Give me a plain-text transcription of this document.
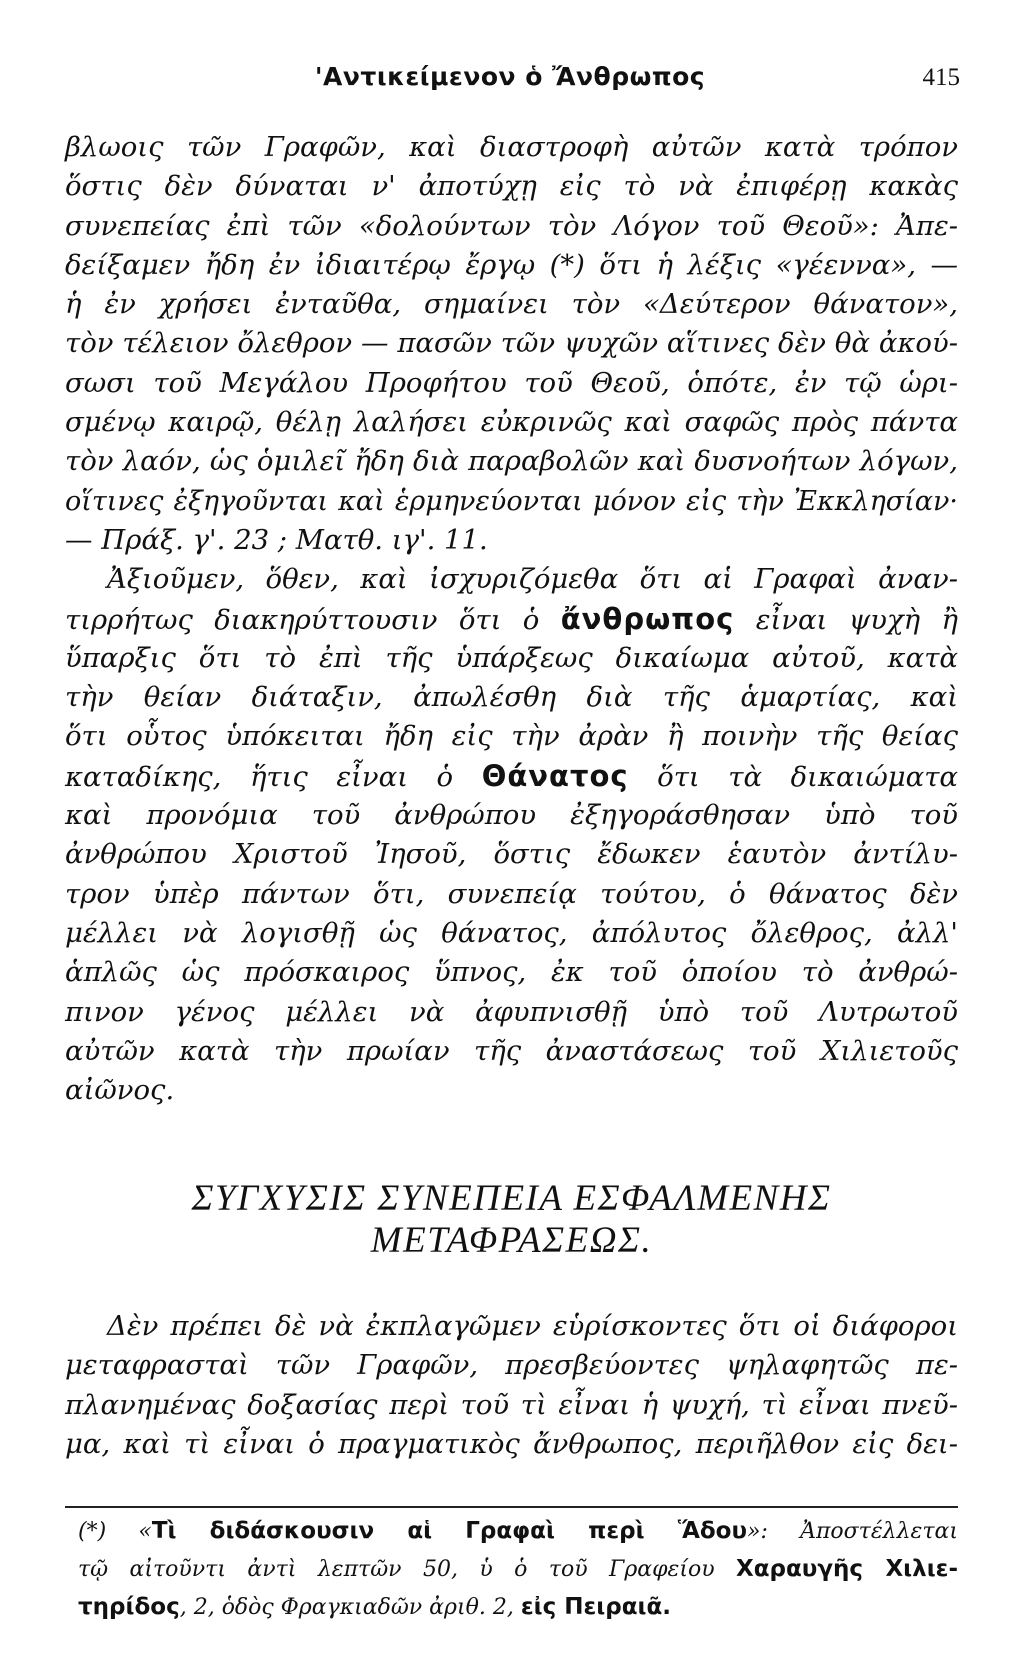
'Αντικείμενον ὁ Ἄνθρωπος	415
βλωοις τῶν Γραφῶν, καὶ διαστροφὴ αὐτῶν κατὰ τρόπον
ὅστις δὲν δύναται ν' ἀποτύχῃ εἰς τὸ νὰ ἐπιφέρῃ κακὰς
συνεπείας ἐπὶ τῶν «δολούντων τὸν Λόγον τοῦ Θεοῦ»: Ἀπε-
δείξαμεν ἤδη ἐν ἰδιαιτέρῳ ἔργῳ (*) ὅτι ἡ λέξις «γέεννα», —
ἡ ἐν χρήσει ἐνταῦθα, σημαίνει τὸν «Δεύτερον θάνατον»,
τὸν τέλειον ὄλεθρον — πασῶν τῶν ψυχῶν αἵτινες δὲν θὰ ἀκού-
σωσι τοῦ Μεγάλου Προφήτου τοῦ Θεοῦ, ὁπότε, ἐν τῷ ὡρι-
σμένῳ καιρῷ, θέλῃ λαλήσει εὐκρινῶς καὶ σαφῶς πρὸς πάντα
τὸν λαόν, ὡς ὁμιλεῖ ἤδη διὰ παραβολῶν καὶ δυσνοήτων λόγων,
οἵτινες ἐξηγοῦνται καὶ ἑρμηνεύονται μόνον εἰς τὴν Ἐκκλησίαν·
— Πράξ. γ'. 23 ; Ματθ. ιγ'. 11.
Ἀξιοῦμεν, ὅθεν, καὶ ἰσχυριζόμεθα ὅτι αἱ Γραφαὶ ἀναν-
τιρρήτως διακηρύττουσιν ὅτι ὁ ἄνθρωπος εἶναι ψυχὴ ἢ
ὕπαρξις ὅτι τὸ ἐπὶ τῆς ὑπάρξεως δικαίωμα αὐτοῦ, κατὰ
τὴν θείαν διάταξιν, ἀπωλέσθη διὰ τῆς ἁμαρτίας, καὶ
ὅτι οὗτος ὑπόκειται ἤδη εἰς τὴν ἀρὰν ἢ ποινὴν τῆς θείας
καταδίκης, ἥτις εἶναι ὁ Θάνατος ὅτι τὰ δικαιώματα
καὶ προνόμια τοῦ ἀνθρώπου ἐξηγοράσθησαν ὑπὸ τοῦ
ἀνθρώπου Χριστοῦ Ἰησοῦ, ὅστις ἔδωκεν ἑαυτὸν ἀντίλυ-
τρον ὑπὲρ πάντων ὅτι, συνεπείᾳ τούτου, ὁ θάνατος δὲν
μέλλει νὰ λογισθῇ ὡς θάνατος, ἀπόλυτος ὄλεθρος, ἀλλ'
ἁπλῶς ὡς πρόσκαιρος ὕπνος, ἐκ τοῦ ὁποίου τὸ ἀνθρώ-
πινον γένος μέλλει νὰ ἀφυπνισθῇ ὑπὸ τοῦ Λυτρωτοῦ
αὐτῶν κατὰ τὴν πρωίαν τῆς ἀναστάσεως τοῦ Χιλιετοῦς
αἰῶνος.
ΣΥΓΧΥΣΙΣ ΣΥΝΕΠΕΙΑ ΕΣΦΑΛΜΕΝΗΣ
ΜΕΤΑΦΡΑΣΕΩΣ.
Δὲν πρέπει δὲ νὰ ἐκπλαγῶμεν εὑρίσκοντες ὅτι οἱ διάφοροι
μεταφρασταὶ τῶν Γραφῶν, πρεσβεύοντες ψηλαφητῶς πε-
πλανημένας δοξασίας περὶ τοῦ τὶ εἶναι ἡ ψυχή, τὶ εἶναι πνεῦ-
μα, καὶ τὶ εἶναι ὁ πραγματικὸς ἄνθρωπος, περιῆλθον εἰς δει-
(*) «Τὶ διδάσκουσιν αἱ Γραφαὶ περὶ Ἅδου»: Ἀποστέλλεται
τῷ αἰτοῦντι ἀντὶ λεπτῶν 50, ὑ ὁ τοῦ Γραφείου Χαραυγῆς Χιλιε-
τηρίδος, 2, ὁδὸς Φραγκιαδῶν ἀριθ. 2, εἰς Πειραιᾶ.
